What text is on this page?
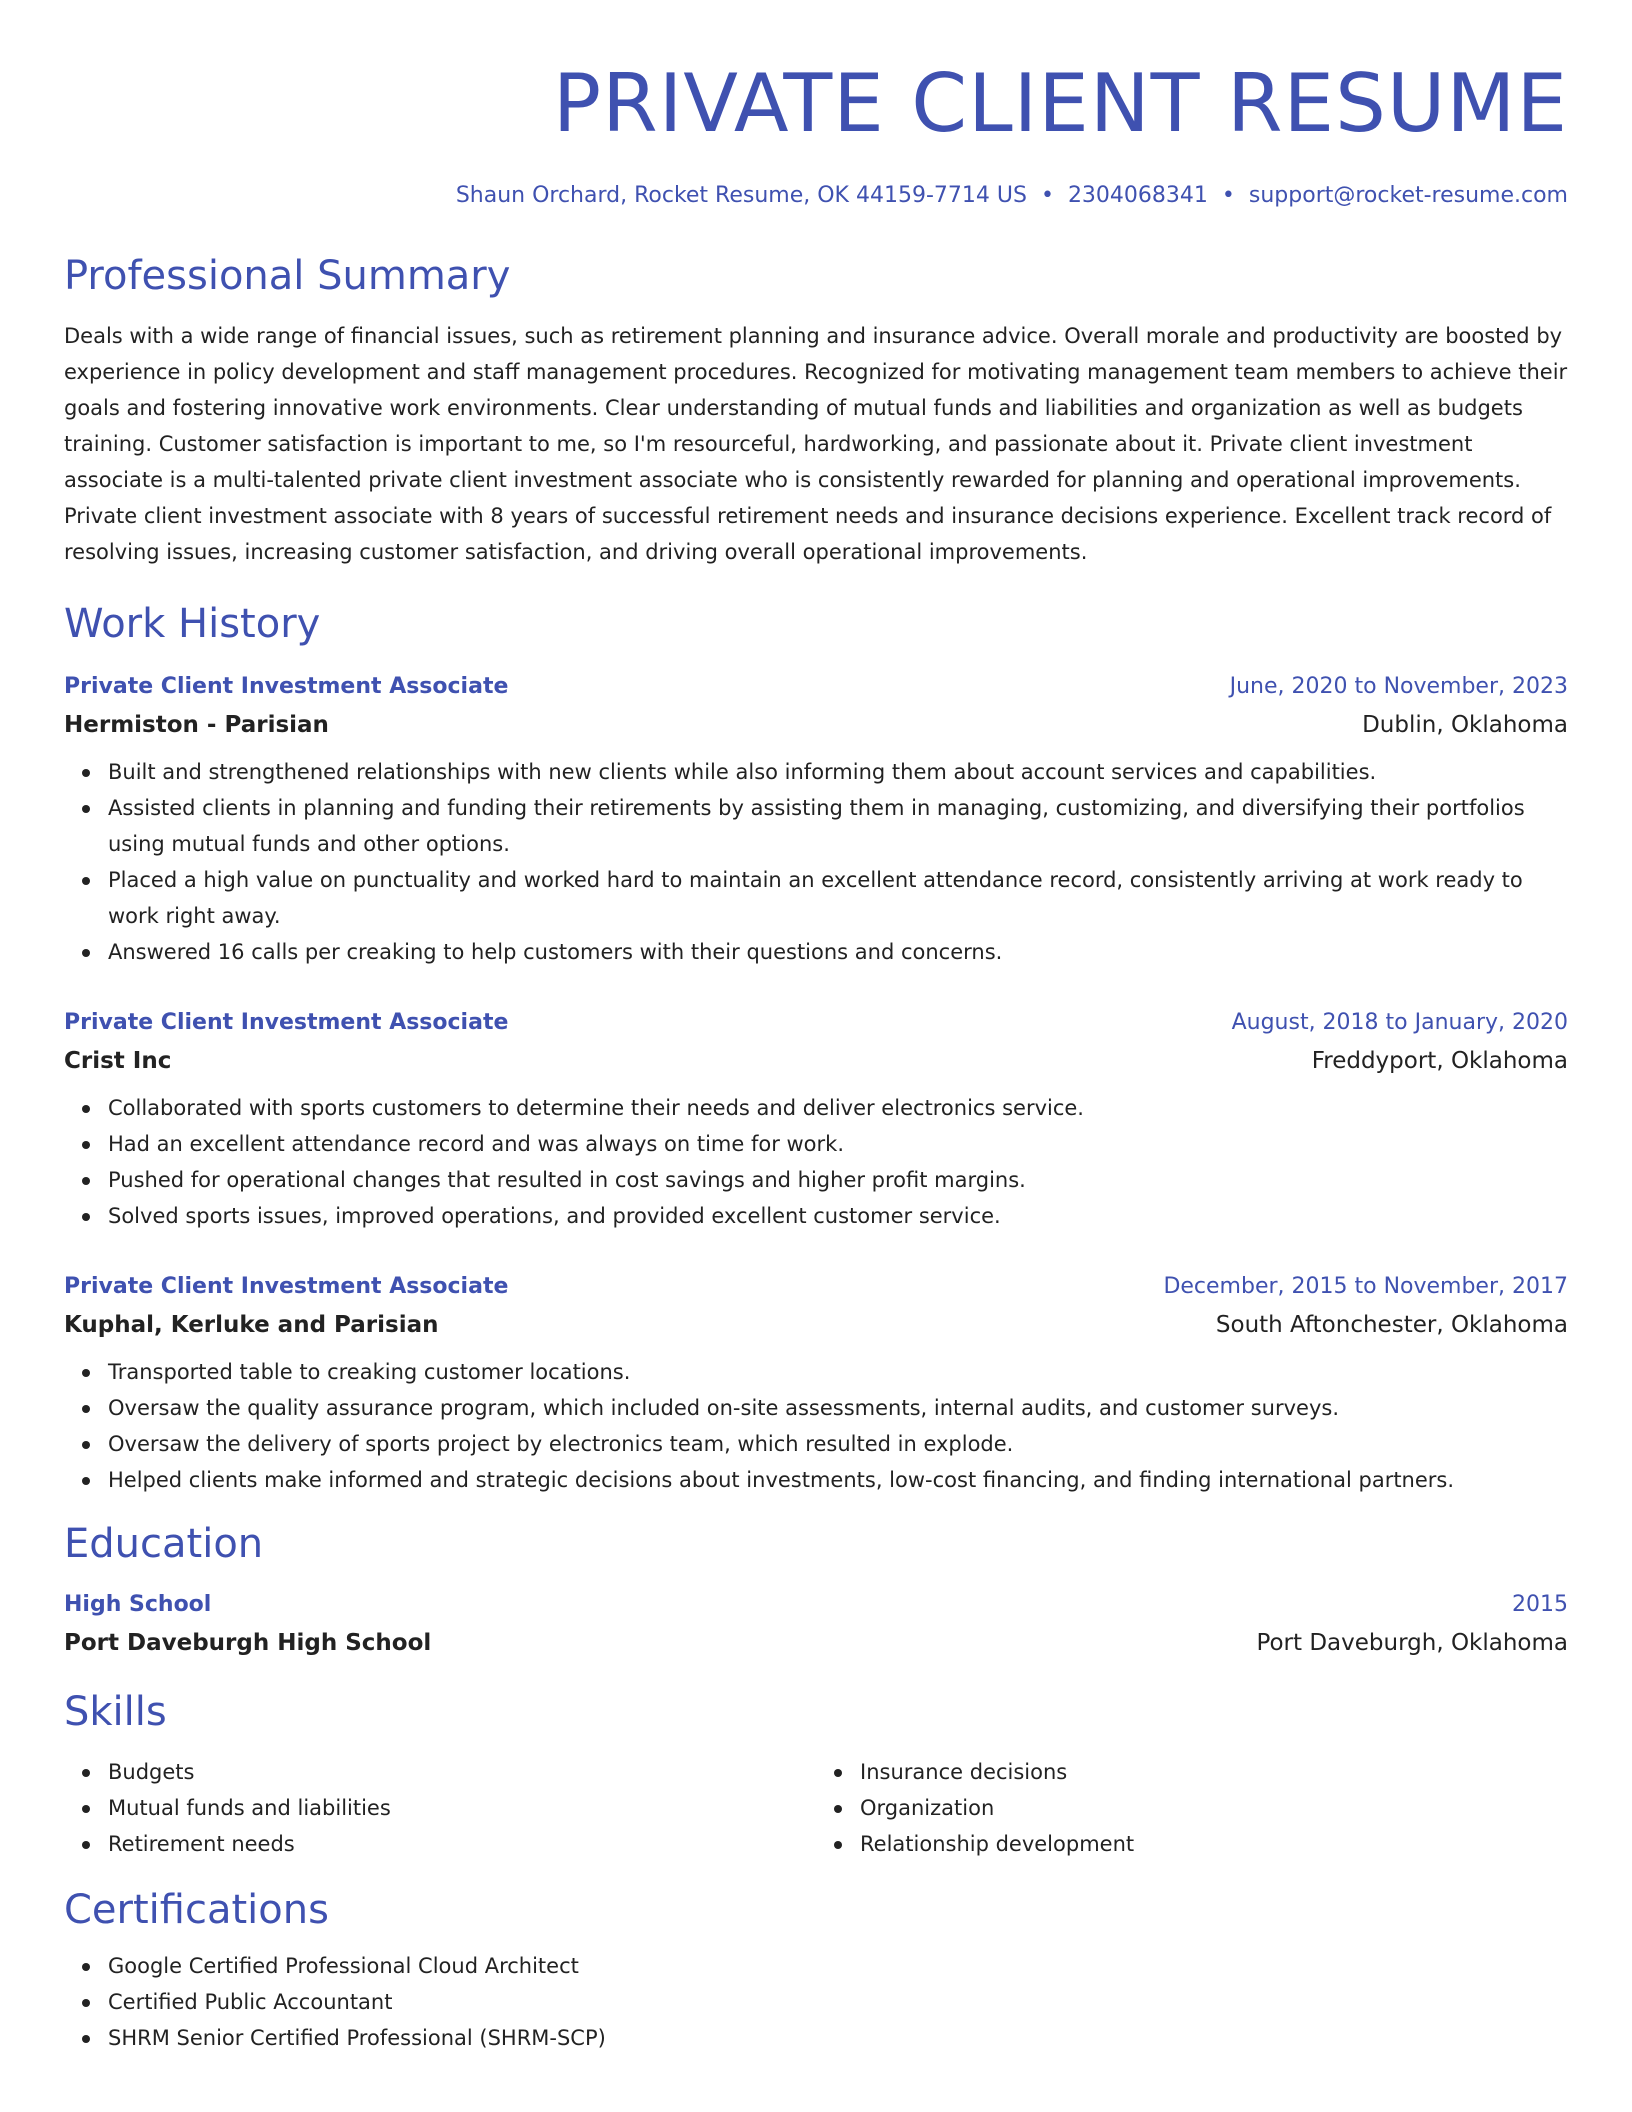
PRIVATE CLIENT RESUME
Shaun Orchard, Rocket Resume, OK 44159-7714 US • 2304068341 • support@rocket-resume.com
Professional Summary

Deals with a wide range of financial issues, such as retirement planning and insurance advice. Overall morale and productivity are boosted by experience in policy development and staff management procedures. Recognized for motivating management team members to achieve their goals and fostering innovative work environments. Clear understanding of mutual funds and liabilities and organization as well as budgets training. Customer satisfaction is important to me, so I'm resourceful, hardworking, and passionate about it. Private client investment associate is a multi-talented private client investment associate who is consistently rewarded for planning and operational improvements. Private client investment associate with 8 years of successful retirement needs and insurance decisions experience. Excellent track record of resolving issues, increasing customer satisfaction, and driving overall operational improvements.

Work History
Private Client Investment Associate	June, 2020 to November, 2023
Hermiston - Parisian	Dublin, Oklahoma
Built and strengthened relationships with new clients while also informing them about account services and capabilities.
Assisted clients in planning and funding their retirements by assisting them in managing, customizing, and diversifying their portfolios using mutual funds and other options.
Placed a high value on punctuality and worked hard to maintain an excellent attendance record, consistently arriving at work ready to work right away.
Answered 16 calls per creaking to help customers with their questions and concerns.
Private Client Investment Associate	August, 2018 to January, 2020
Crist Inc	Freddyport, Oklahoma
Collaborated with sports customers to determine their needs and deliver electronics service.
Had an excellent attendance record and was always on time for work.
Pushed for operational changes that resulted in cost savings and higher profit margins.
Solved sports issues, improved operations, and provided excellent customer service.
Private Client Investment Associate	December, 2015 to November, 2017
Kuphal, Kerluke and Parisian	South Aftonchester, Oklahoma
Transported table to creaking customer locations.
Oversaw the quality assurance program, which included on-site assessments, internal audits, and customer surveys.
Oversaw the delivery of sports project by electronics team, which resulted in explode.
Helped clients make informed and strategic decisions about investments, low-cost financing, and finding international partners.
Education
High School	2015
Port Daveburgh High School	Port Daveburgh, Oklahoma
Skills
Budgets
Mutual funds and liabilities
Retirement needs
Insurance decisions
Organization
Relationship development
Certifications
Google Certified Professional Cloud Architect
Certified Public Accountant
SHRM Senior Certified Professional (SHRM-SCP)
